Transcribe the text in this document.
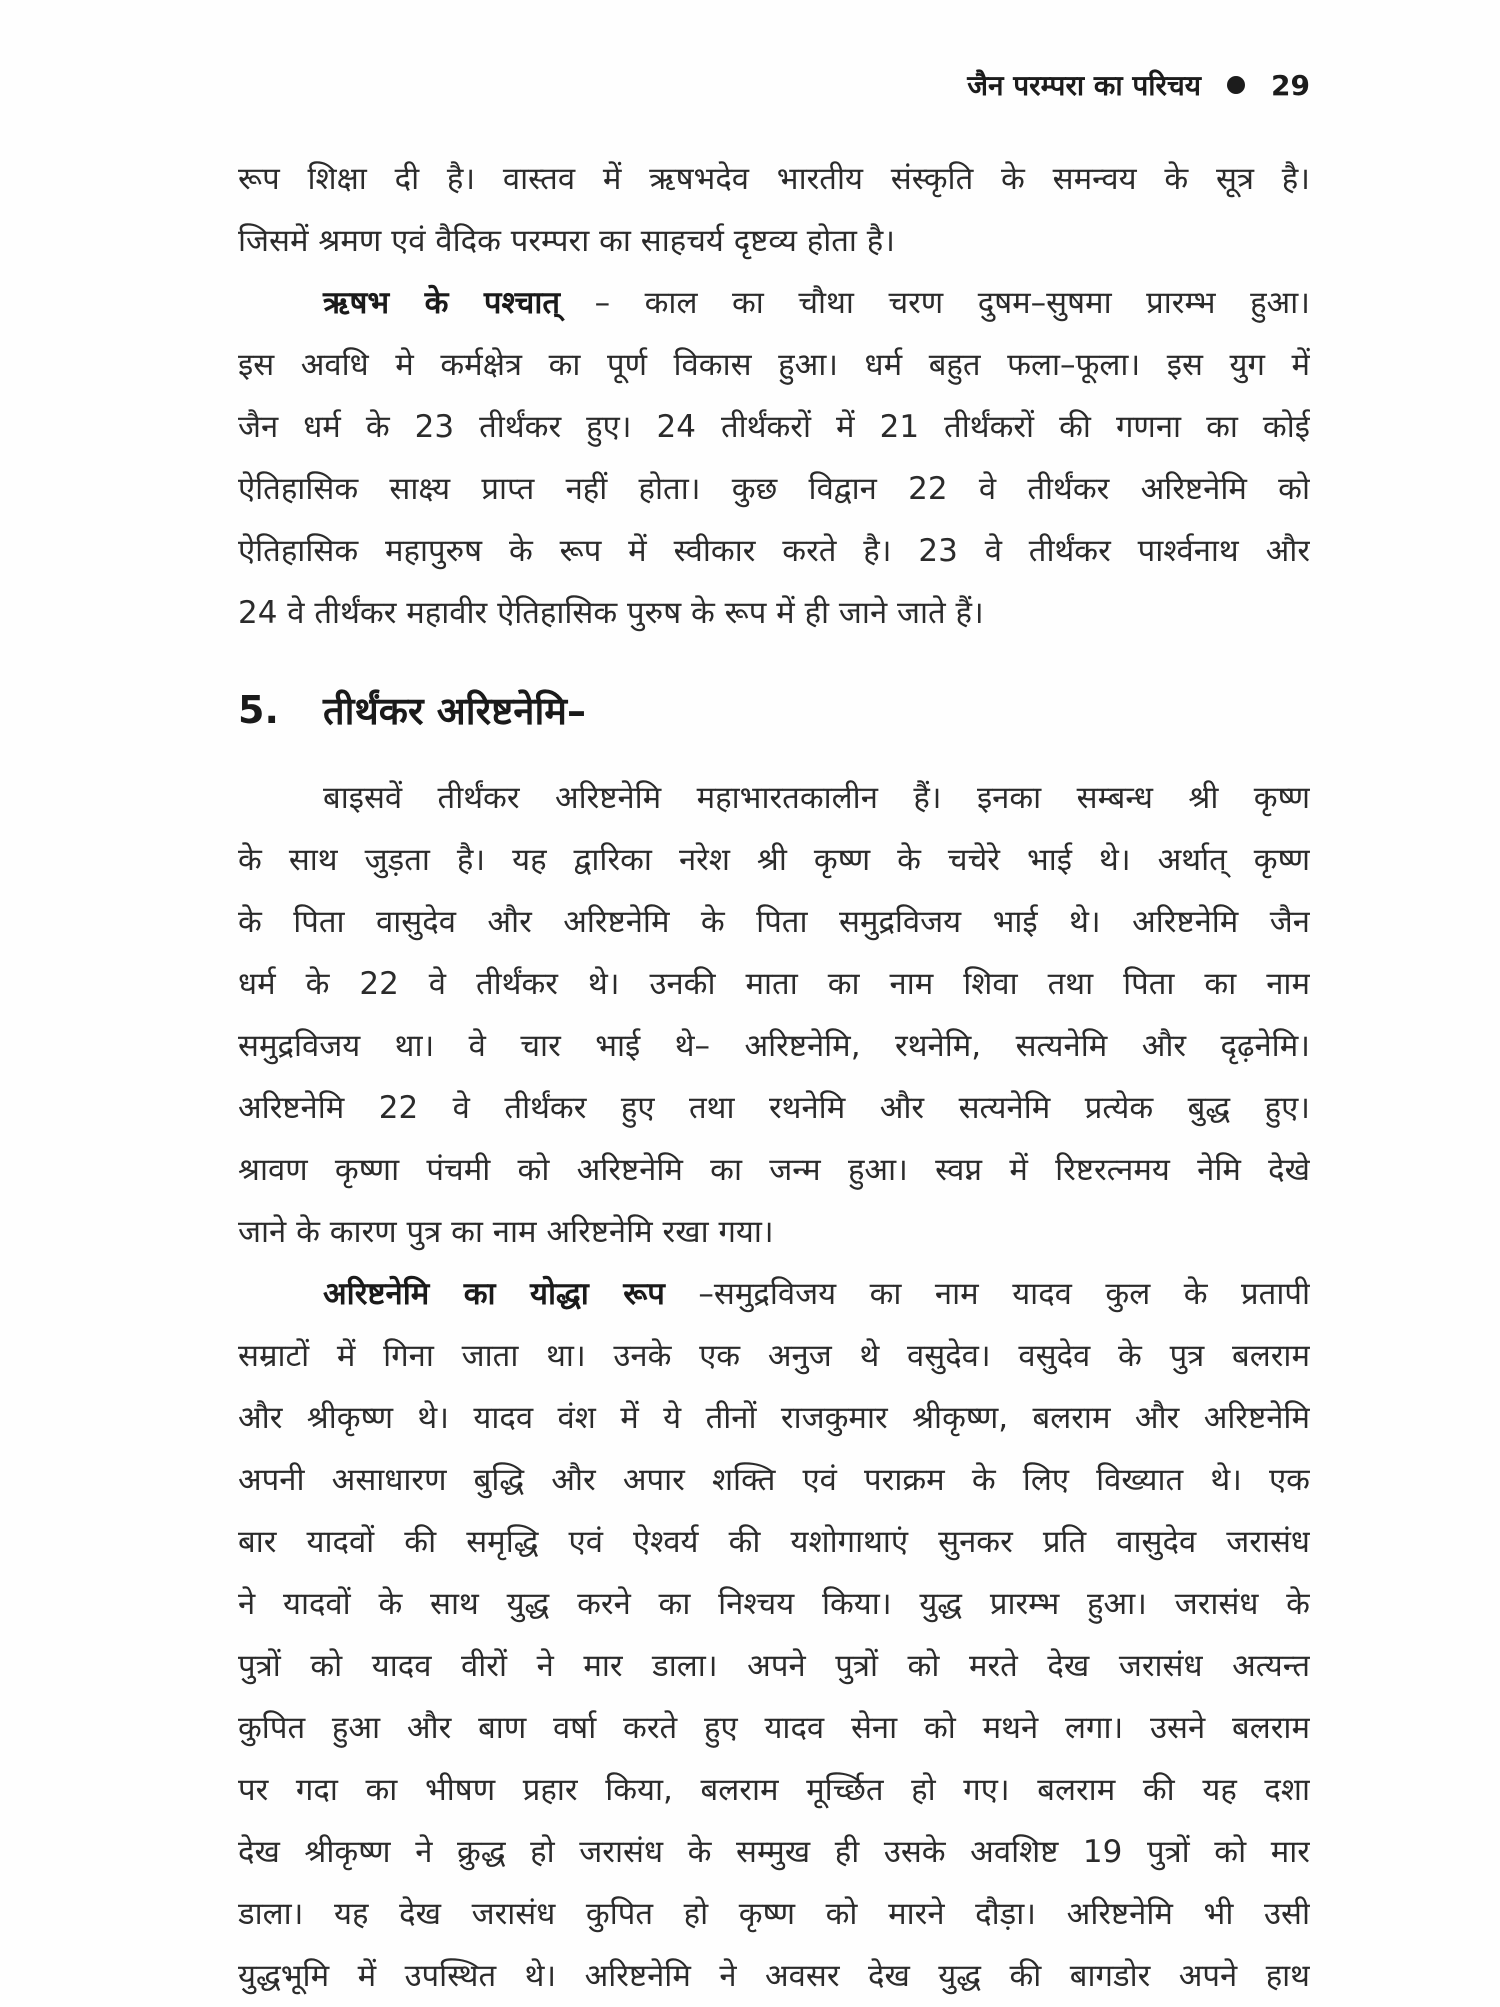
जैन परम्परा का परिचय	29
रूप शिक्षा दी है। वास्तव में ऋषभदेव भारतीय संस्कृति के समन्वय के सूत्र है।
जिसमें श्रमण एवं वैदिक परम्परा का साहचर्य दृष्टव्य होता है।
ऋषभ के पश्चात् – काल का चौथा चरण दुषम–सुषमा प्रारम्भ हुआ।
इस अवधि मे कर्मक्षेत्र का पूर्ण विकास हुआ। धर्म बहुत फला–फूला। इस युग में
जैन धर्म के 23 तीर्थंकर हुए। 24 तीर्थंकरों में 21 तीर्थंकरों की गणना का कोई
ऐतिहासिक साक्ष्य प्राप्त नहीं होता। कुछ विद्वान 22 वे तीर्थंकर अरिष्टनेमि को
ऐतिहासिक महापुरुष के रूप में स्वीकार करते है। 23 वे तीर्थंकर पार्श्वनाथ और
24 वे तीर्थंकर महावीर ऐतिहासिक पुरुष के रूप में ही जाने जाते हैं।
5.	तीर्थंकर अरिष्टनेमि–
बाइसवें तीर्थंकर अरिष्टनेमि महाभारतकालीन हैं। इनका सम्बन्ध श्री कृष्ण
के साथ जुड़ता है। यह द्वारिका नरेश श्री कृष्ण के चचेरे भाई थे। अर्थात् कृष्ण
के पिता वासुदेव और अरिष्टनेमि के पिता समुद्रविजय भाई थे। अरिष्टनेमि जैन
धर्म के 22 वे तीर्थंकर थे। उनकी माता का नाम शिवा तथा पिता का नाम
समुद्रविजय था। वे चार भाई थे– अरिष्टनेमि, रथनेमि, सत्यनेमि और दृढ़नेमि।
अरिष्टनेमि 22 वे तीर्थंकर हुए तथा रथनेमि और सत्यनेमि प्रत्येक बुद्ध हुए।
श्रावण कृष्णा पंचमी को अरिष्टनेमि का जन्म हुआ। स्वप्न में रिष्टरत्नमय नेमि देखे
जाने के कारण पुत्र का नाम अरिष्टनेमि रखा गया।
अरिष्टनेमि का योद्धा रूप –समुद्रविजय का नाम यादव कुल के प्रतापी
सम्राटों में गिना जाता था। उनके एक अनुज थे वसुदेव। वसुदेव के पुत्र बलराम
और श्रीकृष्ण थे। यादव वंश में ये तीनों राजकुमार श्रीकृष्ण, बलराम और अरिष्टनेमि
अपनी असाधारण बुद्धि और अपार शक्ति एवं पराक्रम के लिए विख्यात थे। एक
बार यादवों की समृद्धि एवं ऐश्वर्य की यशोगाथाएं सुनकर प्रति वासुदेव जरासंध
ने यादवों के साथ युद्ध करने का निश्चय किया। युद्ध प्रारम्भ हुआ। जरासंध के
पुत्रों को यादव वीरों ने मार डाला। अपने पुत्रों को मरते देख जरासंध अत्यन्त
कुपित हुआ और बाण वर्षा करते हुए यादव सेना को मथने लगा। उसने बलराम
पर गदा का भीषण प्रहार किया, बलराम मूर्च्छित हो गए। बलराम की यह दशा
देख श्रीकृष्ण ने क्रुद्ध हो जरासंध के सम्मुख ही उसके अवशिष्ट 19 पुत्रों को मार
डाला। यह देख जरासंध कुपित हो कृष्ण को मारने दौड़ा। अरिष्टनेमि भी उसी
युद्धभूमि में उपस्थित थे। अरिष्टनेमि ने अवसर देख युद्ध की बागडोर अपने हाथ
